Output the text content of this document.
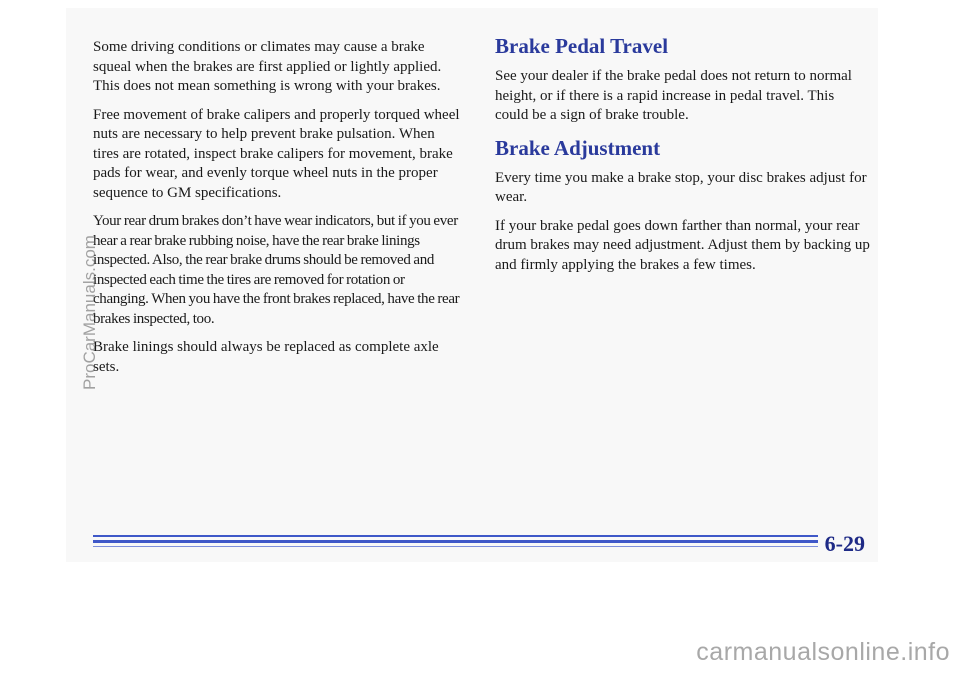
Some driving conditions or climates may cause a brake squeal when the brakes are first applied or lightly applied. This does not mean something is wrong with your brakes.

Free movement of brake calipers and properly torqued wheel nuts are necessary to help prevent brake pulsation. When tires are rotated, inspect brake calipers for movement, brake pads for wear, and evenly torque wheel nuts in the proper sequence to GM specifications.

Your rear drum brakes don’t have wear indicators, but if you ever hear a rear brake rubbing noise, have the rear brake linings inspected. Also, the rear brake drums should be removed and inspected each time the tires are removed for rotation or changing. When you have the front brakes replaced, have the rear brakes inspected, too.

Brake linings should always be replaced as complete axle sets.

Brake Pedal Travel

See your dealer if the brake pedal does not return to normal height, or if there is a rapid increase in pedal travel. This could be a sign of brake trouble.

Brake Adjustment

Every time you make a brake stop, your disc brakes adjust for wear.

If your brake pedal goes down farther than normal, your rear drum brakes may need adjustment. Adjust them by backing up and firmly applying the brakes a few times.

6-29
ProCarManuals.com
carmanualsonline.info
